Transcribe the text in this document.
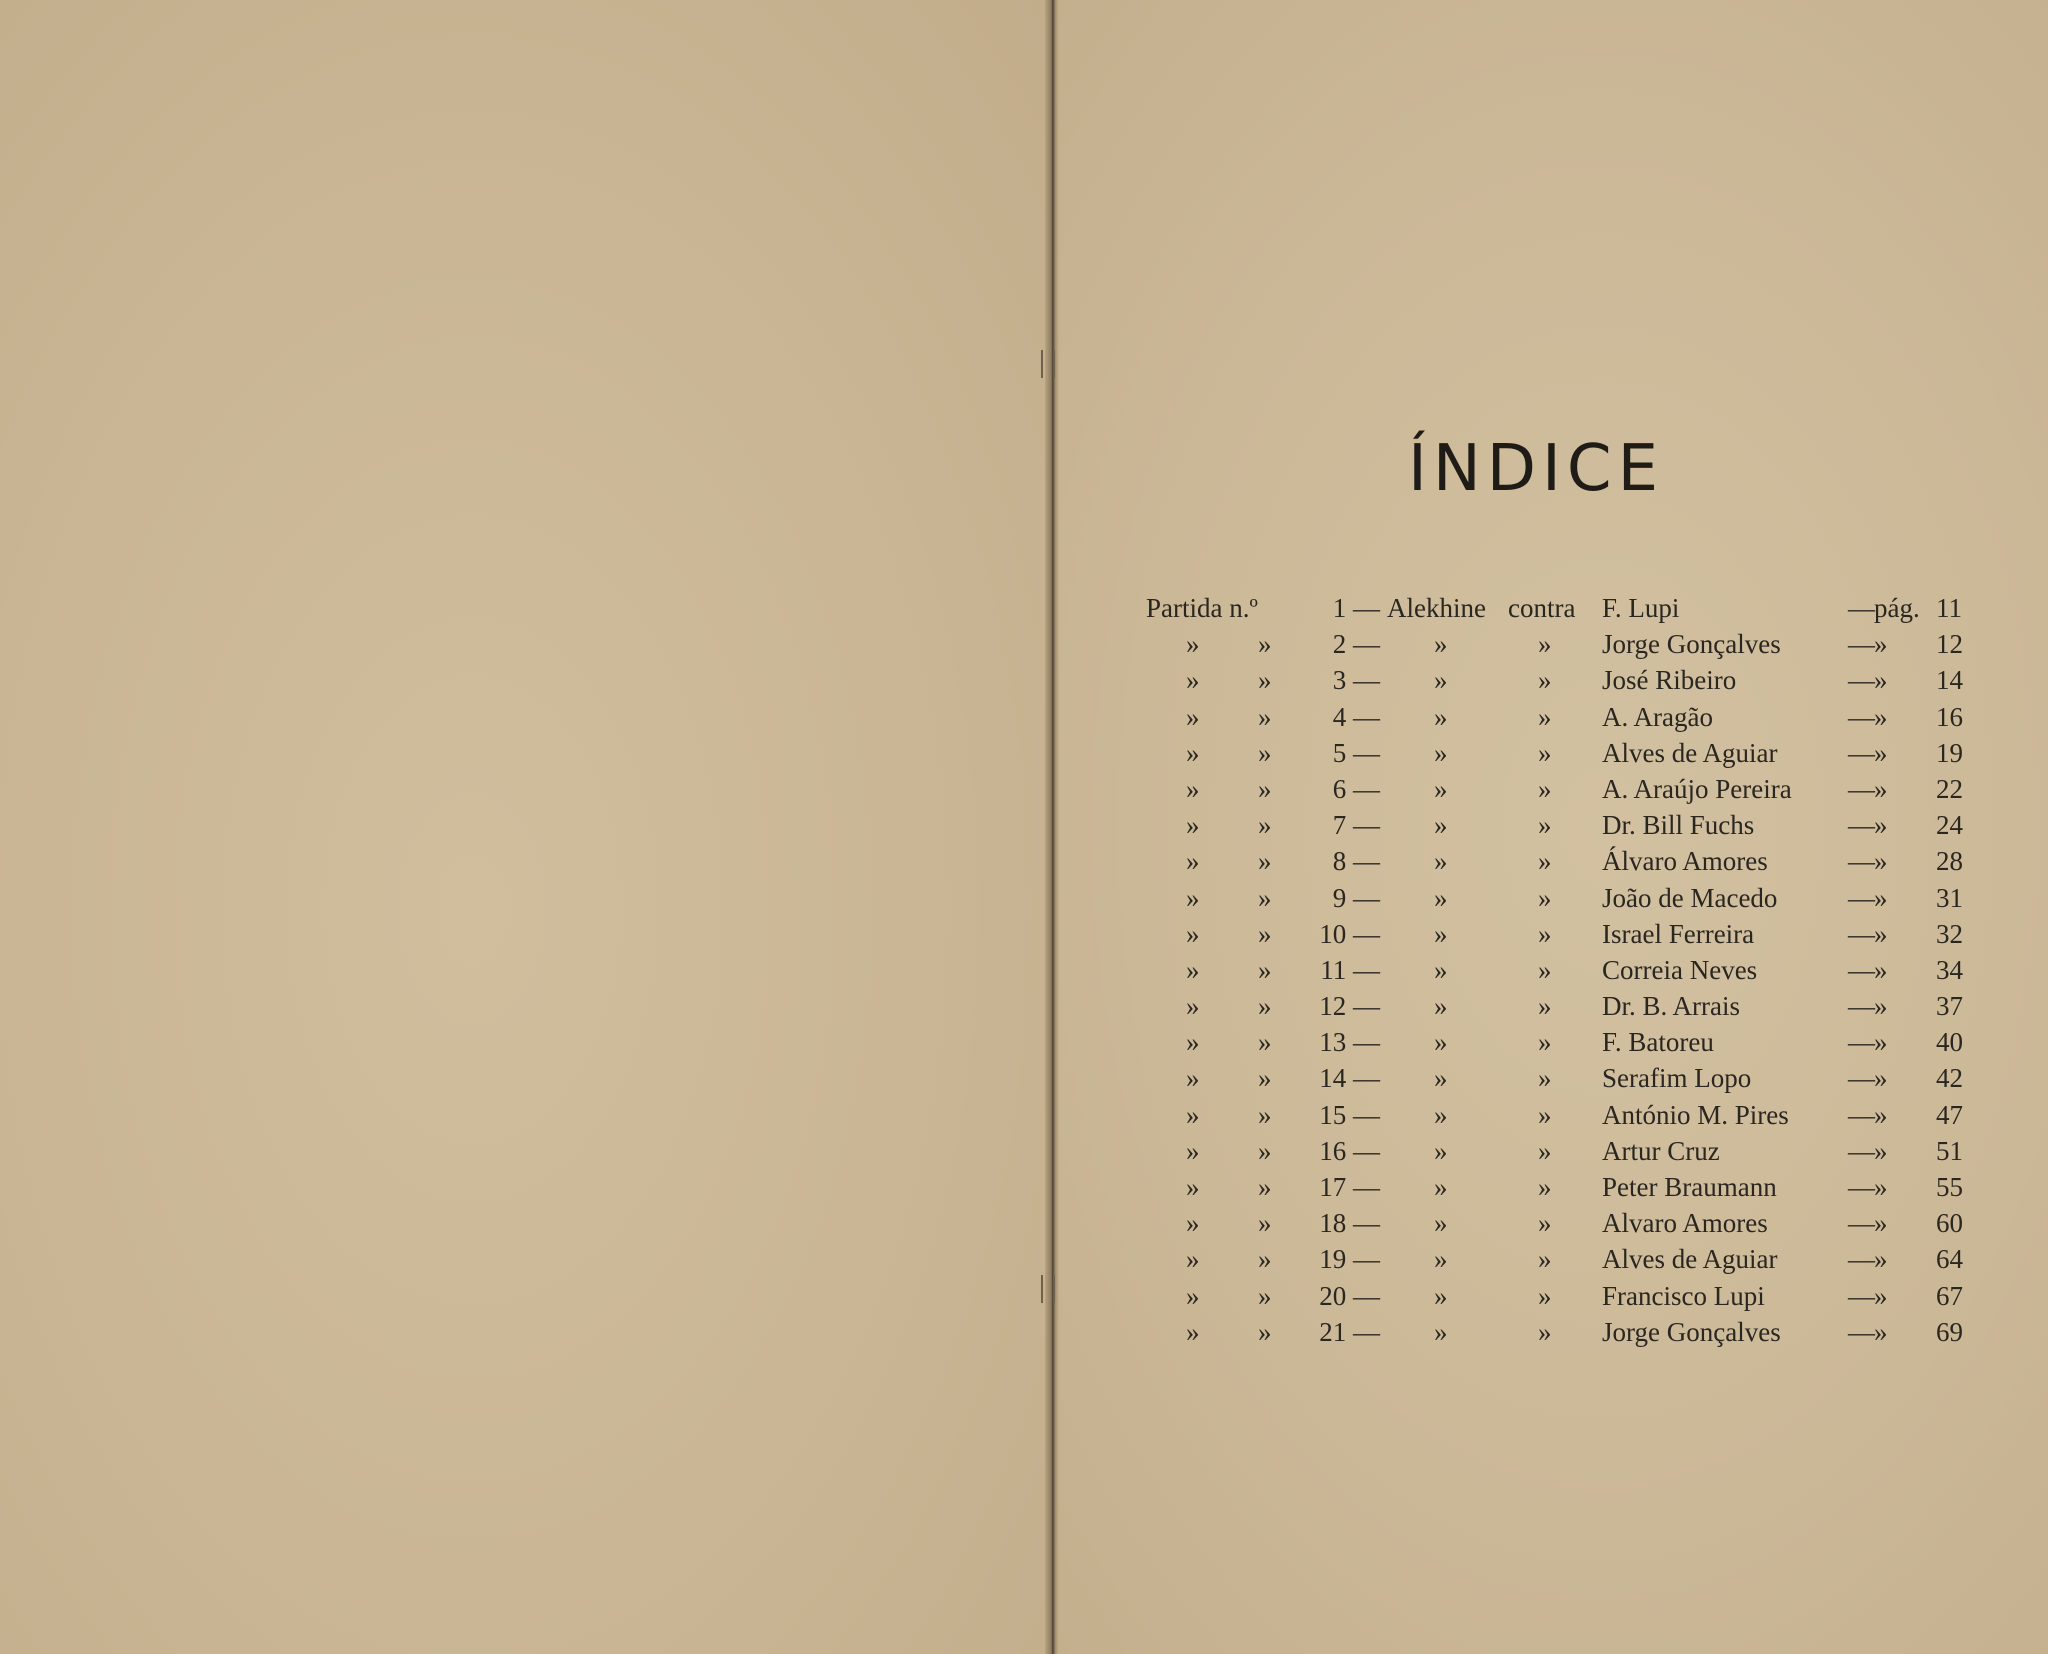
ÍNDICE
Partida n.º	1 — Alekhine contra F. Lupi	— pág. 11
» »	2 — »	» Jorge Gonçalves — » 12
» »	3 — »	» José Ribeiro	— » 14
» »	4 — »	» A. Aragão	— » 16
» »	5 — »	» Alves de Aguiar	— » 19
» »	6 — »	» A. Araújo Pereira — » 22
» »	7 — »	» Dr. Bill Fuchs	— » 24
» »	8 — »	» Álvaro Amores	— » 28
» »	9 — »	» João de Macedo	— » 31
» »	10 — »	» Israel Ferreira	— » 32
» »	11 — »	» Correia Neves	— » 34
» »	12 — »	» Dr. B. Arrais	— » 37
» »	13 — »	» F. Batoreu	— » 40
» »	14 — »	» Serafim Lopo	— » 42
» »	15 — »	» António M. Pires — » 47
» »	16 — »	» Artur Cruz	— » 51
» »	17 — »	» Peter Braumann	— » 55
» »	18 — »	» Alvaro Amores	— » 60
» »	19 — »	» Alves de Aguiar	— » 64
» »	20 — »	» Francisco Lupi	— » 67
» »	21 — »	» Jorge Gonçalves — » 69
